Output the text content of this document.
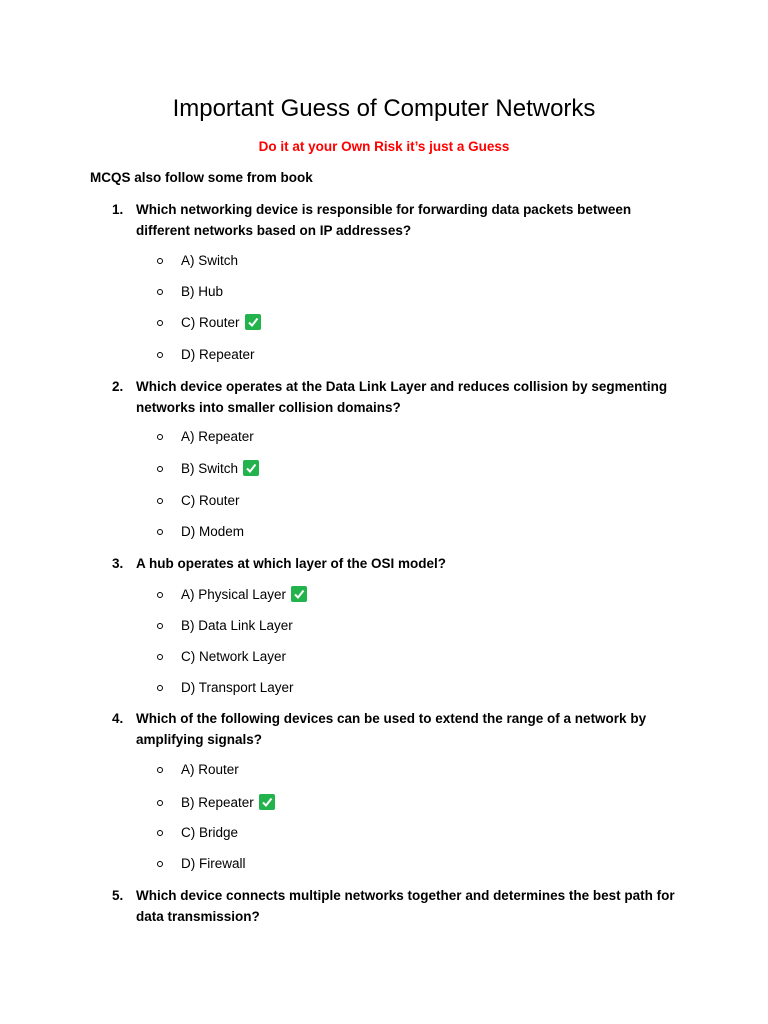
Important Guess of Computer Networks

Do it at your Own Risk it’s just a Guess

MCQS also follow some from book

1. Which networking device is responsible for forwarding data packets between different networks based on IP addresses?
A) Switch
B) Hub
C) Router
D) Repeater
2. Which device operates at the Data Link Layer and reduces collision by segmenting networks into smaller collision domains?
A) Repeater
B) Switch
C) Router
D) Modem
3. A hub operates at which layer of the OSI model?
A) Physical Layer
B) Data Link Layer
C) Network Layer
D) Transport Layer
4. Which of the following devices can be used to extend the range of a network by amplifying signals?
A) Router
B) Repeater
C) Bridge
D) Firewall
5. Which device connects multiple networks together and determines the best path for data transmission?
